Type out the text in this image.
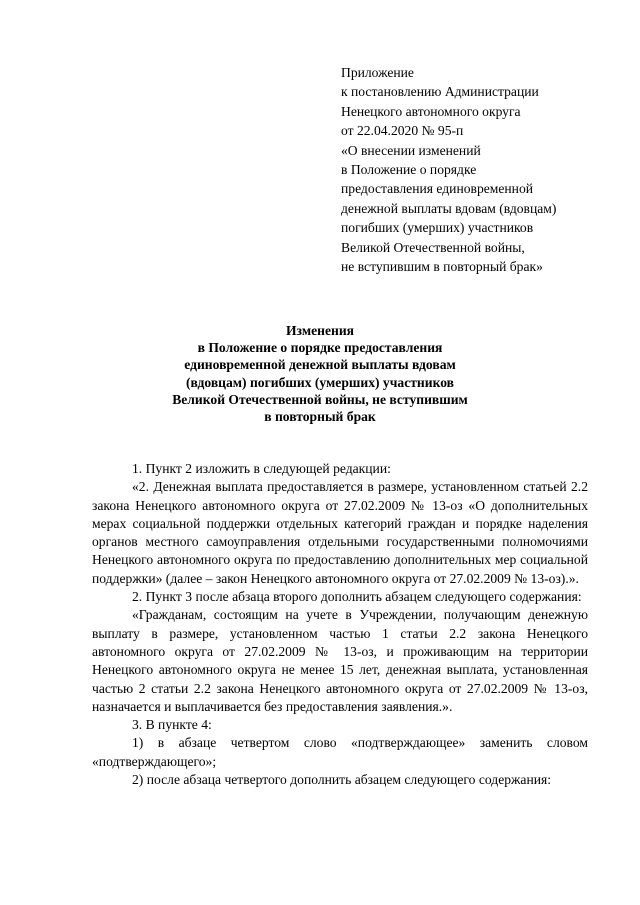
Приложение
к постановлению Администрации
Ненецкого автономного округа
от 22.04.2020 № 95-п
«О внесении изменений
в Положение о порядке
предоставления единовременной
денежной выплаты вдовам (вдовцам)
погибших (умерших) участников
Великой Отечественной войны,
не вступившим в повторный брак»
Изменения
в Положение о порядке предоставления
единовременной денежной выплаты вдовам
(вдовцам) погибших (умерших) участников
Великой Отечественной войны, не вступившим
в повторный брак

1. Пункт 2 изложить в следующей редакции:

«2. Денежная выплата предоставляется в размере, установленном статьей 2.2 закона Ненецкого автономного округа от 27.02.2009 № 13-оз «О дополнительных мерах социальной поддержки отдельных категорий граждан и порядке наделения органов местного самоуправления отдельными государственными полномочиями Ненецкого автономного округа по предоставлению дополнительных мер социальной поддержки» (далее – закон Ненецкого автономного округа от 27.02.2009 № 13-оз).».

2. Пункт 3 после абзаца второго дополнить абзацем следующего содержания:

«Гражданам, состоящим на учете в Учреждении, получающим денежную выплату в размере, установленном частью 1 статьи 2.2 закона Ненецкого автономного округа от 27.02.2009 № 13-оз, и проживающим на территории Ненецкого автономного округа не менее 15 лет, денежная выплата, установленная частью 2 статьи 2.2 закона Ненецкого автономного округа от 27.02.2009 № 13-оз, назначается и выплачивается без предоставления заявления.».

3. В пункте 4:

1) в абзаце четвертом слово «подтверждающее» заменить словом «подтверждающего»;

2) после абзаца четвертого дополнить абзацем следующего содержания:
